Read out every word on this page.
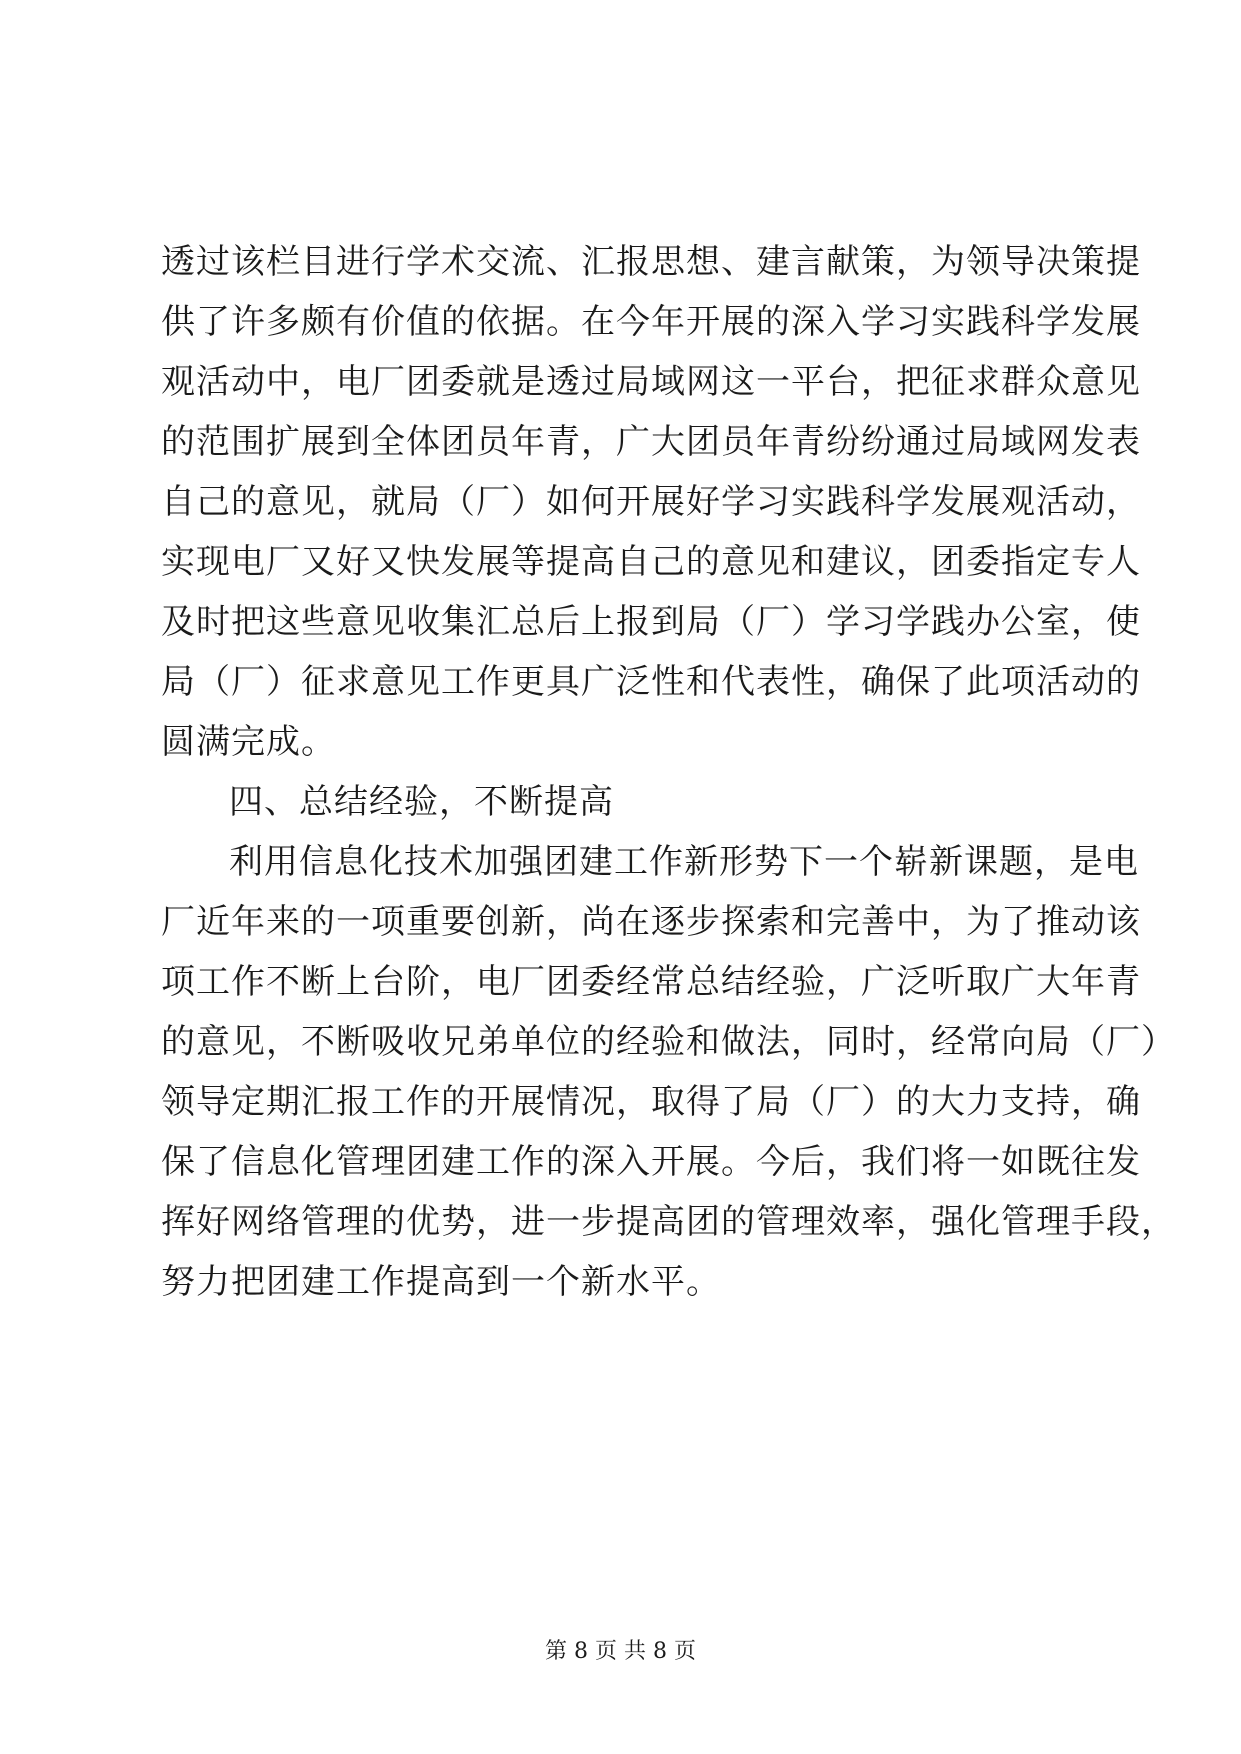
透过该栏目进行学术交流、汇报思想、建言献策，为领导决策提
供了许多颇有价值的依据。在今年开展的深入学习实践科学发展
观活动中，电厂团委就是透过局域网这一平台，把征求群众意见
的范围扩展到全体团员年青，广大团员年青纷纷通过局域网发表
自己的意见，就局（厂）如何开展好学习实践科学发展观活动，
实现电厂又好又快发展等提高自己的意见和建议，团委指定专人
及时把这些意见收集汇总后上报到局（厂）学习学践办公室，使
局（厂）征求意见工作更具广泛性和代表性，确保了此项活动的
圆满完成。
四、总结经验，不断提高
利用信息化技术加强团建工作新形势下一个崭新课题，是电
厂近年来的一项重要创新，尚在逐步探索和完善中，为了推动该
项工作不断上台阶，电厂团委经常总结经验，广泛听取广大年青
的意见，不断吸收兄弟单位的经验和做法，同时，经常向局（厂）
领导定期汇报工作的开展情况，取得了局（厂）的大力支持，确
保了信息化管理团建工作的深入开展。今后，我们将一如既往发
挥好网络管理的优势，进一步提高团的管理效率，强化管理手段，
努力把团建工作提高到一个新水平。
第 8 页 共 8 页
